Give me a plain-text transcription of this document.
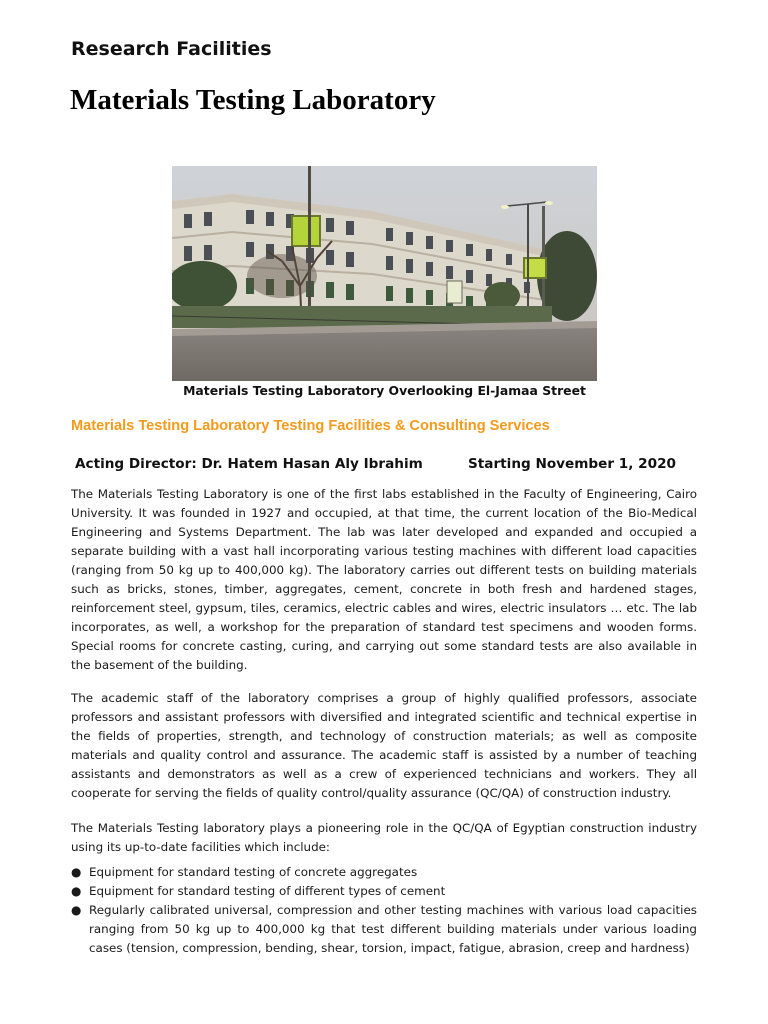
Research Facilities
Materials Testing Laboratory
Materials Testing Laboratory Overlooking El-Jamaa Street
Materials Testing Laboratory Testing Facilities & Consulting Services
Acting Director: Dr. Hatem Hasan Aly Ibrahim	Starting November 1, 2020

The Materials Testing Laboratory is one of the first labs established in the Faculty of Engineering, Cairo University. It was founded in 1927 and occupied, at that time, the current location of the Bio-Medical Engineering and Systems Department. The lab was later developed and expanded and occupied a separate building with a vast hall incorporating various testing machines with different load capacities (ranging from 50 kg up to 400,000 kg). The laboratory carries out different tests on building materials such as bricks, stones, timber, aggregates, cement, concrete in both fresh and hardened stages, reinforcement steel, gypsum, tiles, ceramics, electric cables and wires, electric insulators … etc. The lab incorporates, as well, a workshop for the preparation of standard test specimens and wooden forms. Special rooms for concrete casting, curing, and carrying out some standard tests are also available in the basement of the building.

The academic staff of the laboratory comprises a group of highly qualified professors, associate professors and assistant professors with diversified and integrated scientific and technical expertise in the fields of properties, strength, and technology of construction materials; as well as composite materials and quality control and assurance. The academic staff is assisted by a number of teaching assistants and demonstrators as well as a crew of experienced technicians and workers. They all cooperate for serving the fields of quality control/quality assurance (QC/QA) of construction industry.

The Materials Testing laboratory plays a pioneering role in the QC/QA of Egyptian construction industry using its up-to-date facilities which include:

● Equipment for standard testing of concrete aggregates
● Equipment for standard testing of different types of cement
● Regularly calibrated universal, compression and other testing machines with various load capacities ranging from 50 kg up to 400,000 kg that test different building materials under various loading cases (tension, compression, bending, shear, torsion, impact, fatigue, abrasion, creep and hardness)
